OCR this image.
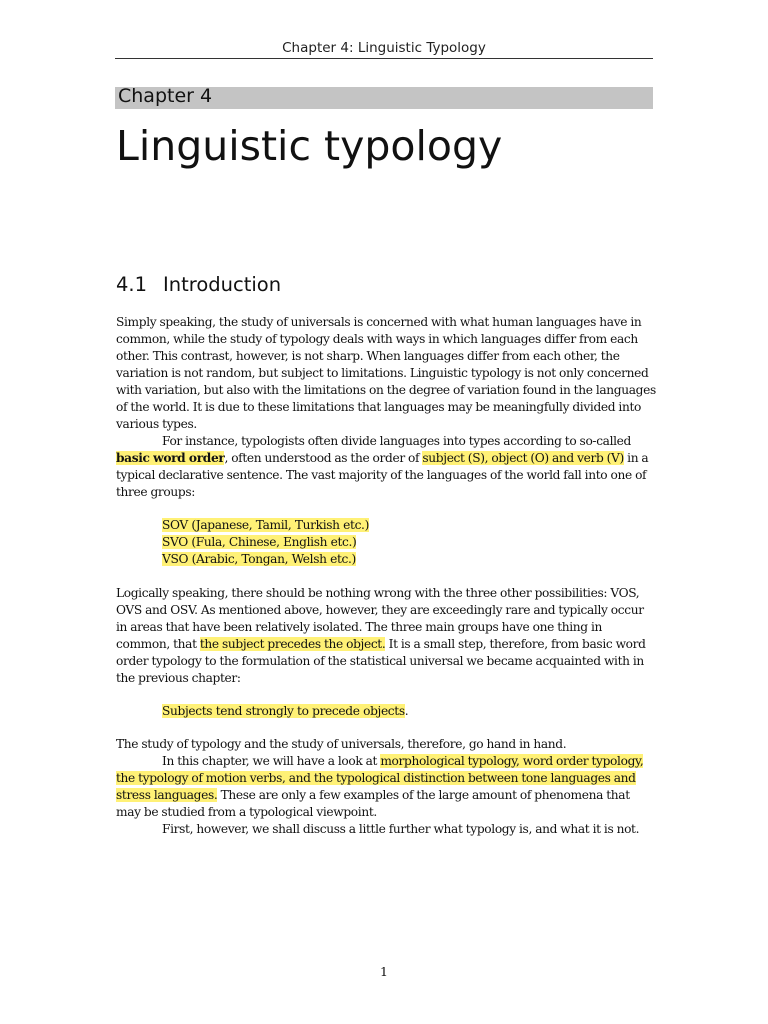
Chapter 4: Linguistic Typology
Chapter 4
Linguistic typology
4.1 Introduction

Simply speaking, the study of universals is concerned with what human languages have in common, while the study of typology deals with ways in which languages differ from each other. This contrast, however, is not sharp. When languages differ from each other, the variation is not random, but subject to limitations. Linguistic typology is not only concerned with variation, but also with the limitations on the degree of variation found in the languages of the world. It is due to these limitations that languages may be meaningfully divided into various types.

For instance, typologists often divide languages into types according to so-called basic word order, often understood as the order of subject (S), object (O) and verb (V) in a typical declarative sentence. The vast majority of the languages of the world fall into one of three groups:

SOV (Japanese, Tamil, Turkish etc.)
SVO (Fula, Chinese, English etc.)
VSO (Arabic, Tongan, Welsh etc.)

Logically speaking, there should be nothing wrong with the three other possibilities: VOS, OVS and OSV. As mentioned above, however, they are exceedingly rare and typically occur in areas that have been relatively isolated. The three main groups have one thing in common, that the subject precedes the object. It is a small step, therefore, from basic word order typology to the formulation of the statistical universal we became acquainted with in the previous chapter:

Subjects tend strongly to precede objects.

The study of typology and the study of universals, therefore, go hand in hand.

In this chapter, we will have a look at morphological typology, word order typology, the typology of motion verbs, and the typological distinction between tone languages and stress languages. These are only a few examples of the large amount of phenomena that may be studied from a typological viewpoint.

First, however, we shall discuss a little further what typology is, and what it is not.

1
